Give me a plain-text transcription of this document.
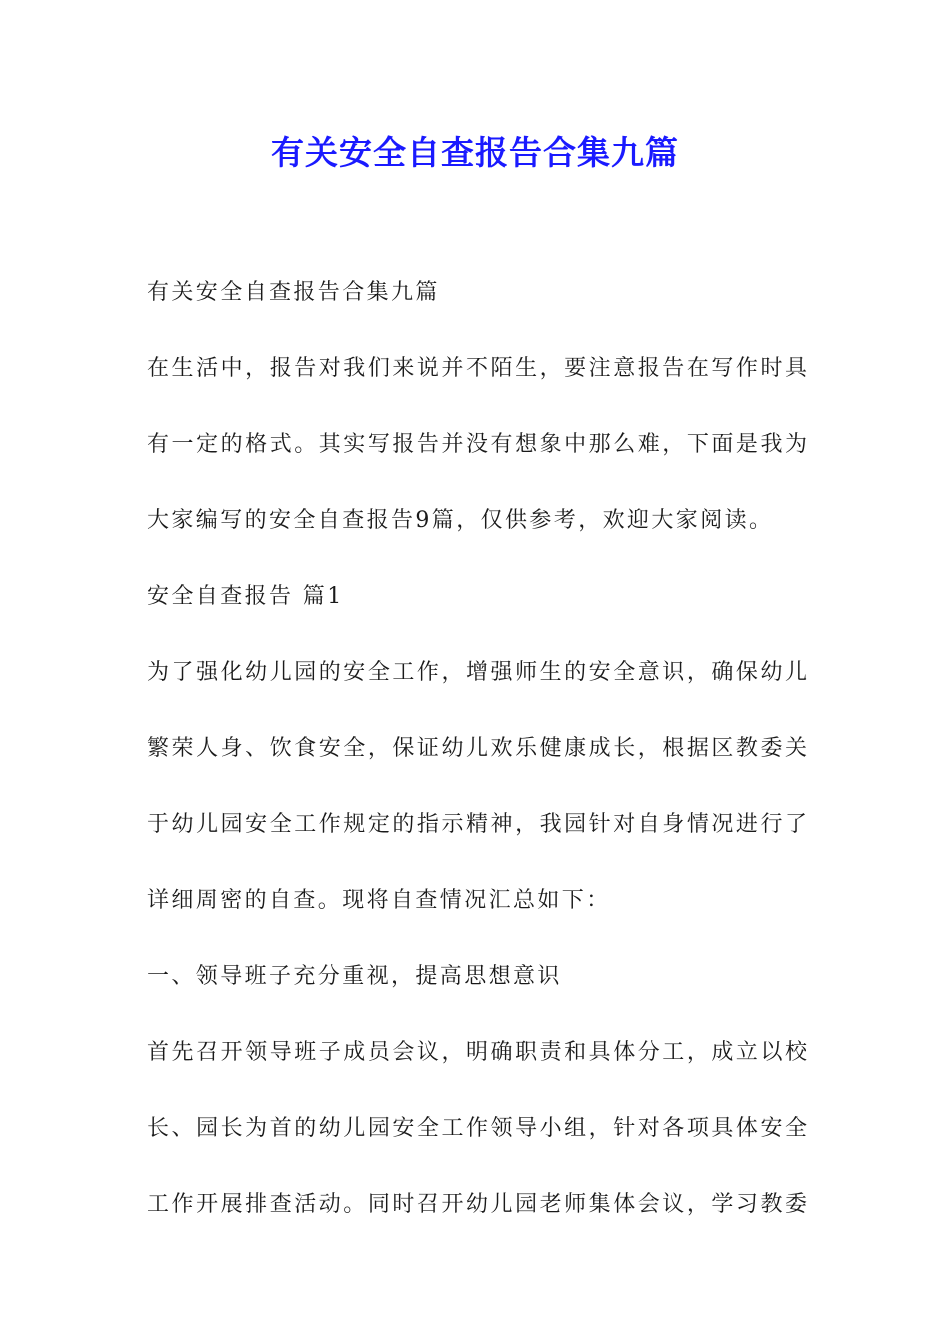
有关安全自查报告合集九篇
有关安全自查报告合集九篇
在生活中，报告对我们来说并不陌生，要注意报告在写作时具
有一定的格式。其实写报告并没有想象中那么难，下面是我为
大家编写的安全自查报告9篇，仅供参考，欢迎大家阅读。
安全自查报告 篇1
为了强化幼儿园的安全工作，增强师生的安全意识，确保幼儿
繁荣人身、饮食安全，保证幼儿欢乐健康成长，根据区教委关
于幼儿园安全工作规定的指示精神，我园针对自身情况进行了
详细周密的自查。现将自查情况汇总如下：
一、领导班子充分重视，提高思想意识
首先召开领导班子成员会议，明确职责和具体分工，成立以校
长、园长为首的幼儿园安全工作领导小组，针对各项具体安全
工作开展排查活动。同时召开幼儿园老师集体会议，学习教委
